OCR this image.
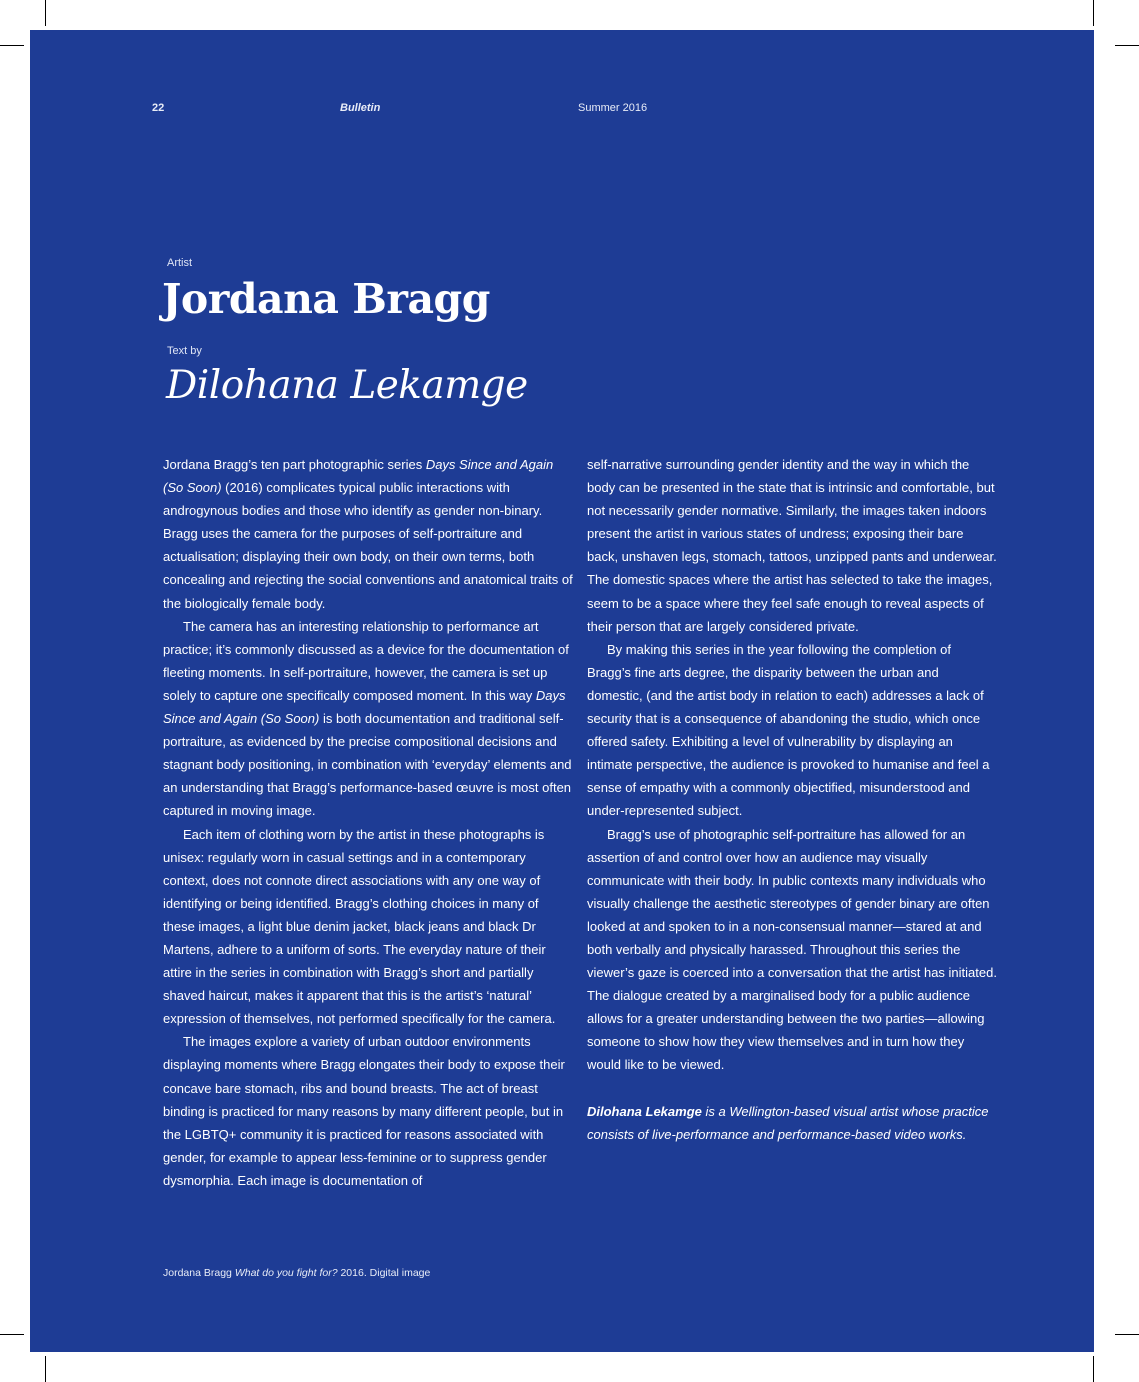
22	Bulletin	Summer 2016
Artist
Jordana Bragg
Text by
Dilohana Lekamge

Jordana Bragg’s ten part photographic series Days Since and Again (So Soon) (2016) complicates typical public interactions with androgynous bodies and those who identify as gender non-binary. Bragg uses the camera for the purposes of self-portraiture and actualisation; displaying their own body, on their own terms, both concealing and rejecting the social conventions and anatomical traits of the biologically female body.

The camera has an interesting relationship to performance art practice; it’s commonly discussed as a device for the documentation of fleeting moments. In self-portraiture, however, the camera is set up solely to capture one specifically composed moment. In this way Days Since and Again (So Soon) is both documentation and traditional self-portraiture, as evidenced by the precise compositional decisions and stagnant body positioning, in combination with ‘everyday’ elements and an understanding that Bragg’s performance-based œuvre is most often captured in moving image.

Each item of clothing worn by the artist in these photographs is unisex: regularly worn in casual settings and in a contemporary context, does not connote direct associations with any one way of identifying or being identified. Bragg’s clothing choices in many of these images, a light blue denim jacket, black jeans and black Dr Martens, adhere to a uniform of sorts. The everyday nature of their attire in the series in combination with Bragg’s short and partially shaved haircut, makes it apparent that this is the artist’s ‘natural’ expression of themselves, not performed specifically for the camera.

The images explore a variety of urban outdoor environments displaying moments where Bragg elongates their body to expose their concave bare stomach, ribs and bound breasts. The act of breast binding is practiced for many reasons by many different people, but in the LGBTQ+ community it is practiced for reasons associated with gender, for example to appear less-feminine or to suppress gender dysmorphia. Each image is documentation of

self-narrative surrounding gender identity and the way in which the body can be presented in the state that is intrinsic and comfortable, but not necessarily gender normative. Similarly, the images taken indoors present the artist in various states of undress; exposing their bare back, unshaven legs, stomach, tattoos, unzipped pants and underwear. The domestic spaces where the artist has selected to take the images, seem to be a space where they feel safe enough to reveal aspects of their person that are largely considered private.

By making this series in the year following the completion of Bragg’s fine arts degree, the disparity between the urban and domestic, (and the artist body in relation to each) addresses a lack of security that is a consequence of abandoning the studio, which once offered safety. Exhibiting a level of vulnerability by displaying an intimate perspective, the audience is provoked to humanise and feel a sense of empathy with a commonly objectified, misunderstood and under-represented subject.

Bragg’s use of photographic self-portraiture has allowed for an assertion of and control over how an audience may visually communicate with their body. In public contexts many individuals who visually challenge the aesthetic stereotypes of gender binary are often looked at and spoken to in a non-consensual manner—stared at and both verbally and physically harassed. Throughout this series the viewer’s gaze is coerced into a conversation that the artist has initiated. The dialogue created by a marginalised body for a public audience allows for a greater understanding between the two parties—allowing someone to show how they view themselves and in turn how they would like to be viewed.

Dilohana Lekamge is a Wellington-based visual artist whose practice consists of live-performance and performance-based video works.

Jordana Bragg What do you fight for? 2016. Digital image
